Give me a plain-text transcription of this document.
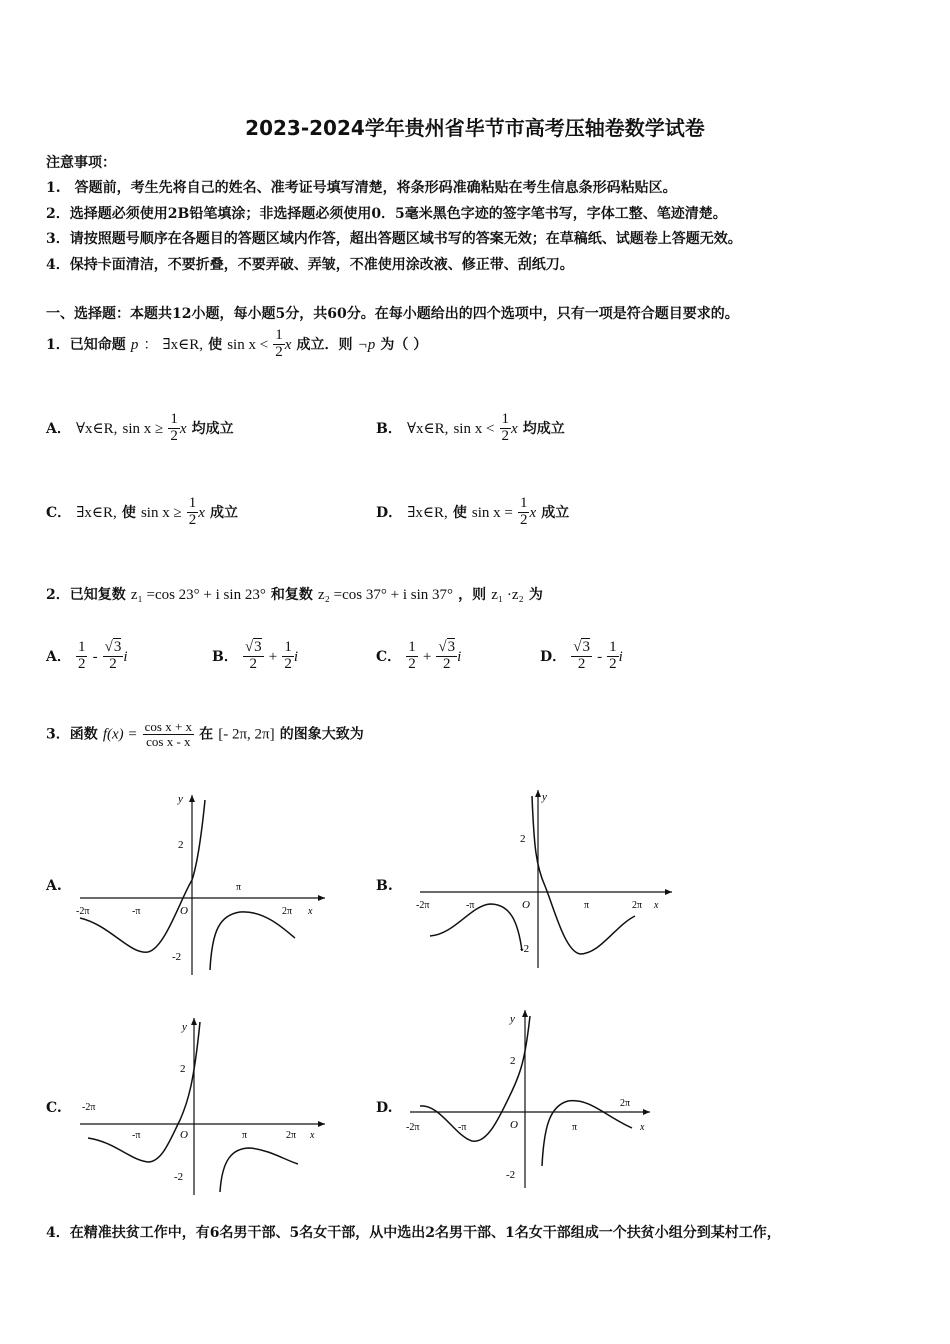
2023-2024学年贵州省毕节市高考压轴卷数学试卷
注意事项：
1.　答题前，考生先将自己的姓名、准考证号填写清楚，将条形码准确粘贴在考生信息条形码粘贴区。
2．选择题必须使用2B铅笔填涂；非选择题必须使用0．5毫米黑色字迹的签字笔书写，字体工整、笔迹清楚。
3．请按照题号顺序在各题目的答题区域内作答，超出答题区域书写的答案无效；在草稿纸、试题卷上答题无效。
4．保持卡面清洁，不要折叠，不要弄破、弄皱，不准使用涂改液、修正带、刮纸刀。
一、选择题：本题共12小题，每小题5分，共60分。在每小题给出的四个选项中，只有一项是符合题目要求的。
1．已知命题 p ： ∃x∈R, 使 $\sin x < \frac{1}{2}$ x 成立．则 ¬p 为（ ）
A． ∀x∈R, $\sin x \ge \frac{1}{2}$ x 均成立	B． ∀x∈R, $\sin x < \frac{1}{2}$ x 均成立
C． ∃x∈R, 使 $\sin x \ge \frac{1}{2}$ x 成立	D． ∃x∈R, 使 $\sin x = \frac{1}{2}$ x 成立
2．已知复数 z₁ =cos 23° + i sin 23° 和复数 z₂ =cos 37° + i sin 37° ，则 z₁ ·z₂ 为
A． $\frac{1}{2} - \frac{√3}{2}$ i	B． $\frac{√3}{2} + \frac{1}{2}$ i	C． $\frac{1}{2} + \frac{√3}{2}$ i	D． $\frac{√3}{2} - \frac{1}{2}$ i
3．函数 $f(x) = \frac{\text{cos x + x}}{\text{cos x - x}}$ 在 [- 2π, 2π] 的图象大致为
A.	B.
C.	D.
y
2
-2
O
π
-π	2π x
-2π
y
2
-2
O	π
-π	2π x
-2π
y
2
-2
O	π
-π	2π x
-2π
y
2
-2
O	π
-π
2π
x
-2π
4．在精准扶贫工作中，有6名男干部、5名女干部，从中选出2名男干部、1名女干部组成一个扶贫小组分到某村工作，
